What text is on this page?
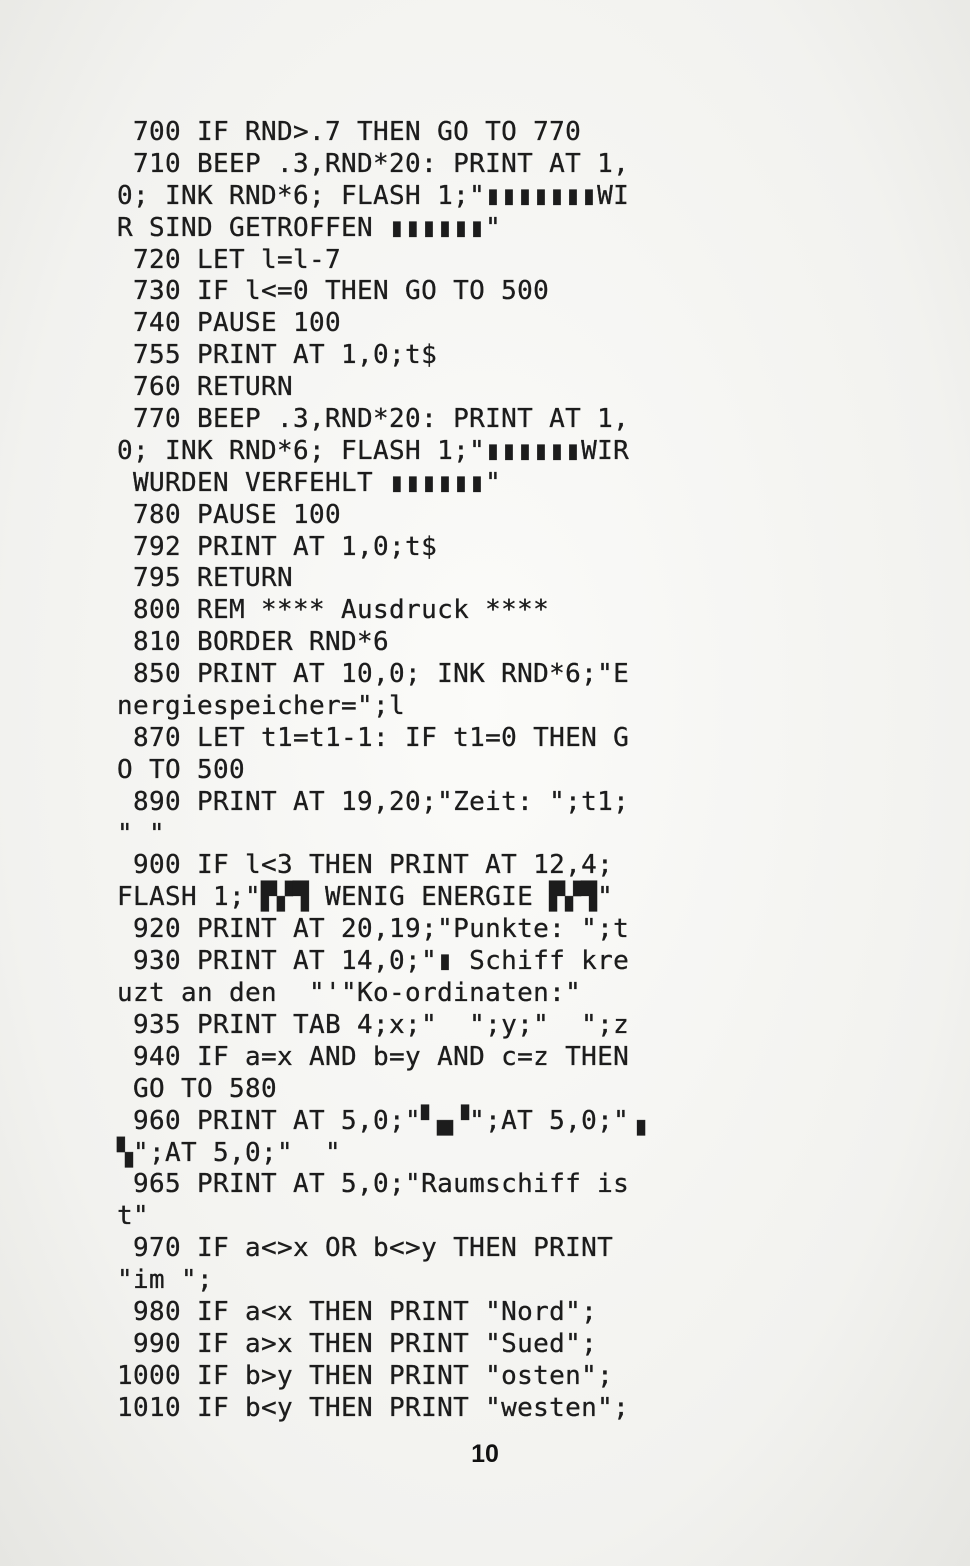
700 IF RND>.7 THEN GO TO 770
710 BEEP .3,RND*20: PRINT AT 1,
0; INK RND*6; FLASH 1;"▮▮▮▮▮▮▮WI
R SIND GETROFFEN ▮▮▮▮▮▮"
720 LET l=l-7
730 IF l<=0 THEN GO TO 500
740 PAUSE 100
755 PRINT AT 1,0;t$
760 RETURN
770 BEEP .3,RND*20: PRINT AT 1,
0; INK RND*6; FLASH 1;"▮▮▮▮▮▮WIR
WURDEN VERFEHLT ▮▮▮▮▮▮"
780 PAUSE 100
792 PRINT AT 1,0;t$
795 RETURN
800 REM **** Ausdruck ****
810 BORDER RND*6
850 PRINT AT 10,0; INK RND*6;"E
nergiespeicher=";l
870 LET t1=t1-1: IF t1=0 THEN G
O TO 500
890 PRINT AT 19,20;"Zeit: ";t1;
" "
900 IF l<3 THEN PRINT AT 12,4;
FLASH 1;"▛▞▜ WENIG ENERGIE ▛▞▜"
920 PRINT AT 20,19;"Punkte: ";t
930 PRINT AT 14,0;"▮ Schiff kre
uzt an den  "'"Ko-ordinaten:"
935 PRINT TAB 4;x;"  ";y;"  ";z
940 IF a=x AND b=y AND c=z THEN
GO TO 580
960 PRINT AT 5,0;"▘▄▝";AT 5,0;"▗
▚";AT 5,0;"  "
965 PRINT AT 5,0;"Raumschiff is
t"
970 IF a<>x OR b<>y THEN PRINT
"im ";
980 IF a<x THEN PRINT "Nord";
990 IF a>x THEN PRINT "Sued";
1000 IF b>y THEN PRINT "osten";
1010 IF b<y THEN PRINT "westen";
10
